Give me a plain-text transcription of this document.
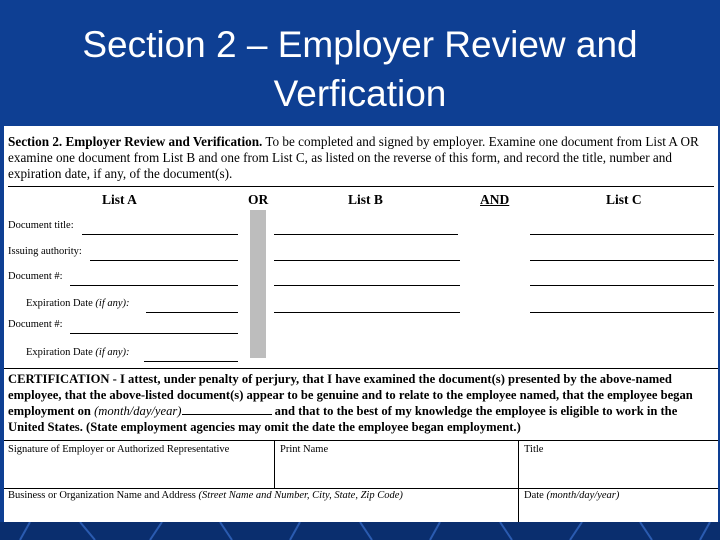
Section 2 – Employer Review and
Verfication
Section 2. Employer Review and Verification. To be completed and signed by employer. Examine one document from List A OR examine one document from List B and one from List C, as listed on the reverse of this form, and record the title, number and expiration date, if any, of the document(s).
List A	OR	List B	AND	List C
Document title:
Issuing authority:
Document #:
Expiration Date (if any):
Document #:
Expiration Date (if any):
CERTIFICATION - I attest, under penalty of perjury, that I have examined the document(s) presented by the above-named employee, that the above-listed document(s) appear to be genuine and to relate to the employee named, that the employee began employment on (month/day/year)	and that to the best of my knowledge the employee is eligible to work in the United States. (State employment agencies may omit the date the employee began employment.)
Signature of Employer or Authorized Representative	Print Name	Title
Business or Organization Name and Address (Street Name and Number, City, State, Zip Code)	Date (month/day/year)
